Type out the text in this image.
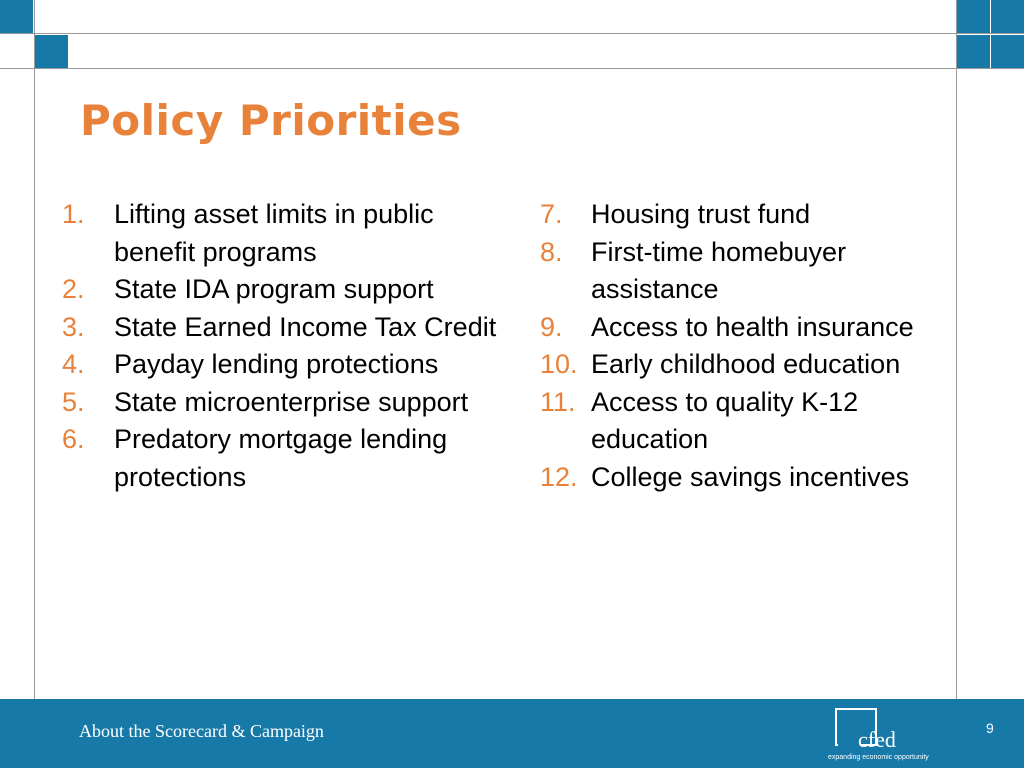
Policy Priorities
1. Lifting asset limits in public benefit programs
2. State IDA program support
3. State Earned Income Tax Credit
4. Payday lending protections
5. State microenterprise support
6. Predatory mortgage lending protections
7. Housing trust fund
8. First-time homebuyer assistance
9. Access to health insurance
10. Early childhood education
11. Access to quality K-12 education
12. College savings incentives
About the Scorecard & Campaign	cfed
expanding economic opportunity
9
